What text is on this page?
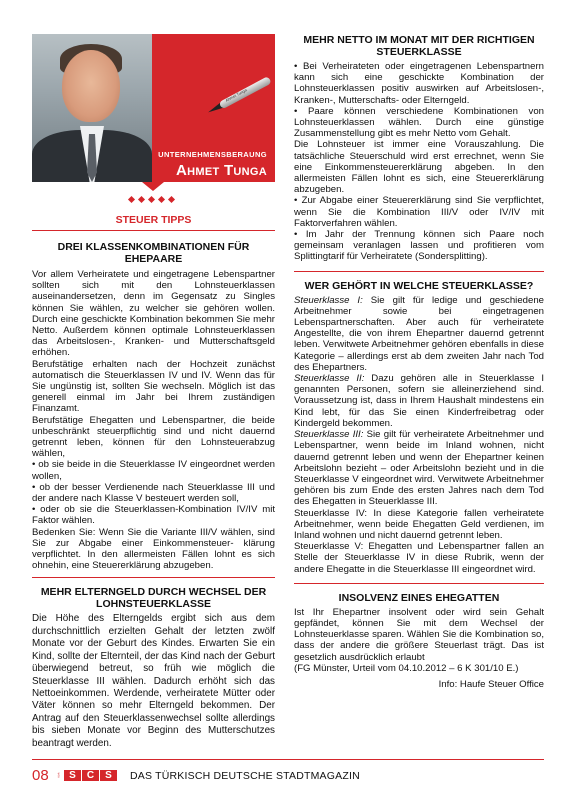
Ahmet Tunga
UNTERNEHMENSBERAUNG
Ahmet Tunga
STEUER TIPPS
DREI KLASSENKOMBINATIONEN FÜR EHEPAARE

Vor allem Verheiratete und eingetragene Lebenspartner sollten sich mit den Lohnsteuerklassen auseinandersetzen, denn im Gegensatz zu Singles können Sie wählen, zu welcher sie gehören wollen. Durch eine geschickte Kombination bekommen Sie mehr Netto. Außerdem können optimale Lohnsteuerklassen das Arbeitslosen-, Kranken- und Mutterschaftsgeld erhöhen.

Berufstätige erhalten nach der Hochzeit zunächst automatisch die Steuerklassen IV und IV. Wenn das für Sie ungünstig ist, sollten Sie wechseln. Möglich ist das generell einmal im Jahr bei Ihrem zuständigen Finanzamt.

Berufstätige Ehegatten und Lebenspartner, die beide unbeschränkt steuerpflichtig sind und nicht dauernd getrennt leben, können für den Lohnsteuerabzug wählen,

• ob sie beide in die Steuerklasse IV eingeordnet werden wollen,

• ob der besser Verdienende nach Steuerklasse III und der andere nach Klasse V besteuert werden soll,

• oder ob sie die Steuerklassen-Kombination IV/IV mit Faktor wählen.

Bedenken Sie: Wenn Sie die Variante III/V wählen, sind Sie zur Abgabe einer Einkommensteuer- klärung verpflichtet. In den allermeisten Fällen lohnt es sich ohnehin, eine Steuererklärung abzugeben.

MEHR ELTERNGELD DURCH WECHSEL DER LOHNSTEUERKLASSE

Die Höhe des Elterngelds ergibt sich aus dem durchschnittlich erzielten Gehalt der letzten zwölf Monate vor der Geburt des Kindes. Erwarten Sie ein Kind, sollte der Elternteil, der das Kind nach der Geburt überwiegend betreut, so früh wie möglich die Steuerklasse III wählen. Dadurch erhöht sich das Nettoeinkommen. Werdende, verheiratete Mütter oder Väter können so mehr Elterngeld bekommen. Der Antrag auf den Steuerklassenwechsel sollte allerdings bis sieben Monate vor Beginn des Mutterschutzes beantragt werden.

MEHR NETTO IM MONAT MIT DER RICHTIGEN STEUERKLASSE

• Bei Verheirateten oder eingetragenen Lebenspartnern kann sich eine geschickte Kombination der Lohnsteuerklassen positiv auswirken auf Arbeitslosen-, Kranken-, Mutterschafts- oder Elterngeld.

• Paare können verschiedene Kombinationen von Lohnsteuerklassen wählen. Durch eine günstige Zusammenstellung gibt es mehr Netto vom Gehalt.

Die Lohnsteuer ist immer eine Vorauszahlung. Die tatsächliche Steuerschuld wird erst errechnet, wenn Sie eine Einkommensteuererklärung abgeben. In den allermeisten Fällen lohnt es sich, eine Steuererklärung abzugeben.

• Zur Abgabe einer Steuererklärung sind Sie verpflichtet, wenn Sie die Kombination III/V oder IV/IV mit Faktorverfahren wählen.

• Im Jahr der Trennung können sich Paare noch gemeinsam veranlagen lassen und profitieren vom Splittingtarif für Verheiratete (Sondersplitting).

WER GEHÖRT IN WELCHE STEUERKLASSE?

Steuerklasse I: Sie gilt für ledige und geschiedene Arbeitnehmer sowie bei eingetragenen Lebenspartnerschaften. Aber auch für verheiratete Angestellte, die von ihrem Ehepartner dauernd getrennt leben. Verwitwete Arbeitnehmer gehören ebenfalls in diese Kategorie – allerdings erst ab dem zweiten Jahr nach Tod des Ehepartners.

Steuerklasse II: Dazu gehören alle in Steuerklasse I genannten Personen, sofern sie alleinerziehend sind. Voraussetzung ist, dass in Ihrem Haushalt mindestens ein Kind lebt, für das Sie einen Kinderfreibetrag oder Kindergeld bekommen.

Steuerklasse III: Sie gilt für verheiratete Arbeitnehmer und Lebenspartner, wenn beide im Inland wohnen, nicht dauernd getrennt leben und wenn der Ehepartner keinen Arbeitslohn bezieht – oder Arbeitslohn bezieht und in die Steuerklasse V eingeordnet wird. Verwitwete Arbeitnehmer gehören bis zum Ende des ersten Jahres nach dem Tod des Ehegatten in Steuerklasse III.

Steuerklasse IV: In diese Kategorie fallen verheiratete Arbeitnehmer, wenn beide Ehegatten Geld verdienen, im Inland wohnen und nicht dauernd getrennt leben.

Steuerklasse V: Ehegatten und Lebenspartner fallen an Stelle der Steuerklasse IV in diese Rubrik, wenn der andere Ehegatte in die Steuerklasse III eingeordnet wird.

INSOLVENZ EINES EHEGATTEN

Ist Ihr Ehepartner insolvent oder wird sein Gehalt gepfändet, können Sie mit dem Wechsel der Lohnsteuerklasse sparen. Wählen Sie die Kombination so, dass der andere die größere Steuerlast trägt. Das ist gesetzlich ausdrücklich erlaubt

(FG Münster, Urteil vom 04.10.2012 – 6 K 301/10 E.)

Info: Haufe Steuer Office
08	türk S	C	S	DAS TÜRKISCH DEUTSCHE STADTMAGAZIN
